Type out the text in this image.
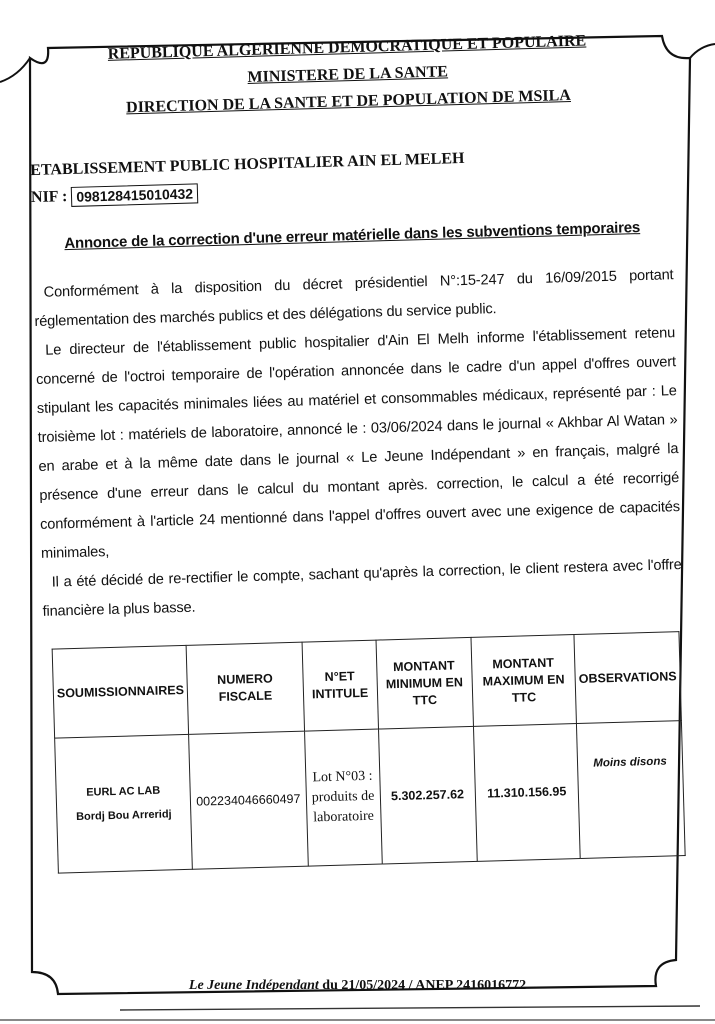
REPUBLIQUE ALGERIENNE DEMOCRATIQUE ET POPULAIRE
MINISTERE DE LA SANTE
DIRECTION DE LA SANTE ET DE POPULATION DE MSILA
ETABLISSEMENT PUBLIC HOSPITALIER AIN EL MELEH
NIF : 098128415010432
Annonce de la correction d'une erreur matérielle dans les subventions temporaires

Conformément à la disposition du décret présidentiel N°:15-247 du 16/09/2015 portant réglementation des marchés publics et des délégations du service public.

Le directeur de l'établissement public hospitalier d'Ain El Melh informe l'établissement retenu concerné de l'octroi temporaire de l'opération annoncée dans le cadre d'un appel d'offres ouvert stipulant les capacités minimales liées au matériel et consommables médicaux, représenté par : Le troisième lot : matériels de laboratoire, annoncé le : 03/06/2024 dans le journal « Akhbar Al Watan » en arabe et à la même date dans le journal « Le Jeune Indépendant » en français, malgré la présence d'une erreur dans le calcul du montant après. correction, le calcul a été recorrigé conformément à l'article 24 mentionné dans l'appel d'offres ouvert avec une exigence de capacités minimales,

Il a été décidé de re-rectifier le compte, sachant qu'après la correction, le client restera avec l'offre financière la plus basse.

SOUMISSIONNAIRES	NUMERO FISCALE	N°ET INTITULE	MONTANT MINIMUM EN TTC	MONTANT MAXIMUM EN TTC	OBSERVATIONS

EURL AC LAB
Bordj Bou Arreridj	002234046660497	Lot N°03 : produits de laboratoire	5.302.257.62	11.310.156.95	Moins disons
Le Jeune Indépendant du 21/05/2024 / ANEP 2416016772
